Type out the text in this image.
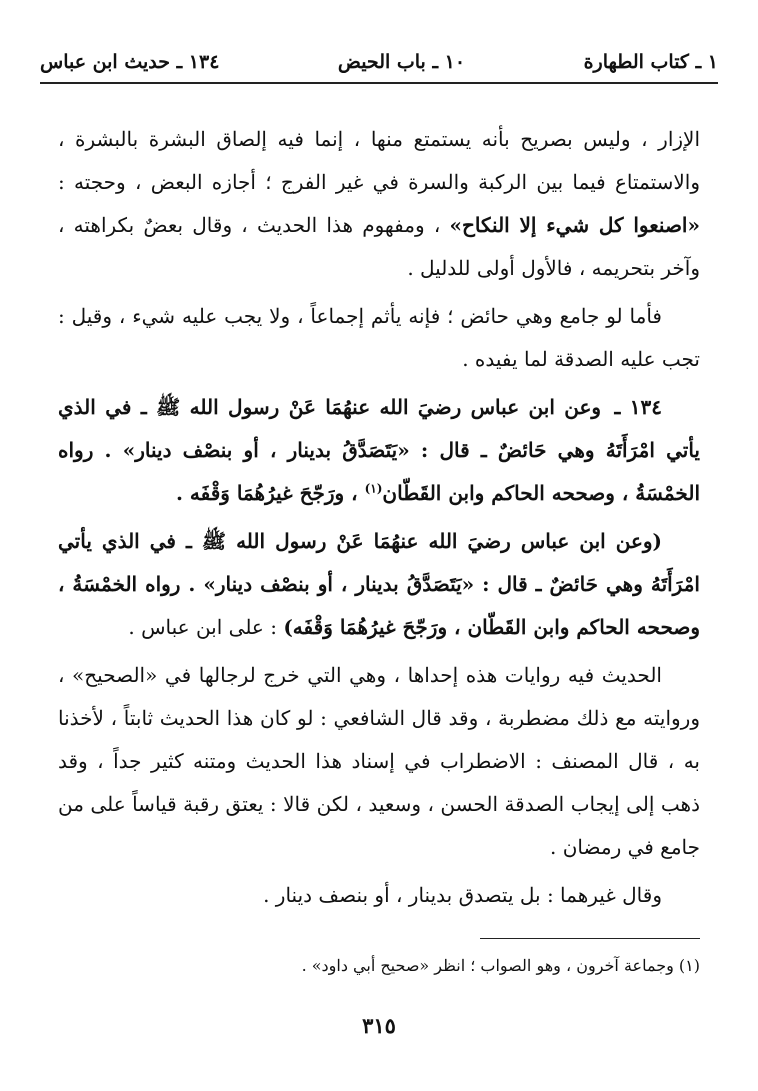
١ ـ كتاب الطهارة
١٠ ـ باب الحيض
١٣٤ ـ حديث ابن عباس

الإزار ، وليس بصريح بأنه يستمتع منها ، إنما فيه إلصاق البشرة بالبشرة ، والاستمتاع فيما بين الركبة والسرة في غير الفرج ؛ أجازه البعض ، وحجته : «اصنعوا كل شيء إلا النكاح» ، ومفهوم هذا الحديث ، وقال بعضٌ بكراهته ، وآخر بتحريمه ، فالأول أولى للدليل .

فأما لو جامع وهي حائض ؛ فإنه يأثم إجماعاً ، ولا يجب عليه شيء ، وقيل : تجب عليه الصدقة لما يفيده .

١٣٤ ـ وعن ابن عباس رضيَ الله عنهُمَا عَنْ رسول الله ﷺ ـ في الذي يأتي امْرَأَتَهُ وهي حَائضٌ ـ قال : «يَتَصَدَّقُ بدينار ، أو بنصْف دينار» . رواه الخمْسَةُ ، وصححه الحاكم وابن القَطّان$^{(١)}$ ، ورَجّحَ غيرُهُمَا وَقْفَه .

(وعن ابن عباس رضيَ الله عنهُمَا عَنْ رسول الله ﷺ ـ في الذي يأتي امْرَأَتَهُ وهي حَائضٌ ـ قال : «يَتَصَدَّقُ بدينار ، أو بنصْف دينار» . رواه الخمْسَةُ ، وصححه الحاكم وابن القَطّان ، ورَجّحَ غيرُهُمَا وَقْفَه) : على ابن عباس .

الحديث فيه روايات هذه إحداها ، وهي التي خرج لرجالها في «الصحيح» ، وروايته مع ذلك مضطربة ، وقد قال الشافعي : لو كان هذا الحديث ثابتاً ، لأخذنا به ، قال المصنف : الاضطراب في إسناد هذا الحديث ومتنه كثير جداً ، وقد ذهب إلى إيجاب الصدقة الحسن ، وسعيد ، لكن قالا : يعتق رقبة قياساً على من جامع في رمضان .

وقال غيرهما : بل يتصدق بدينار ، أو بنصف دينار .

(١) وجماعة آخرون ، وهو الصواب ؛ انظر «صحيح أبي داود» .
٣١٥
